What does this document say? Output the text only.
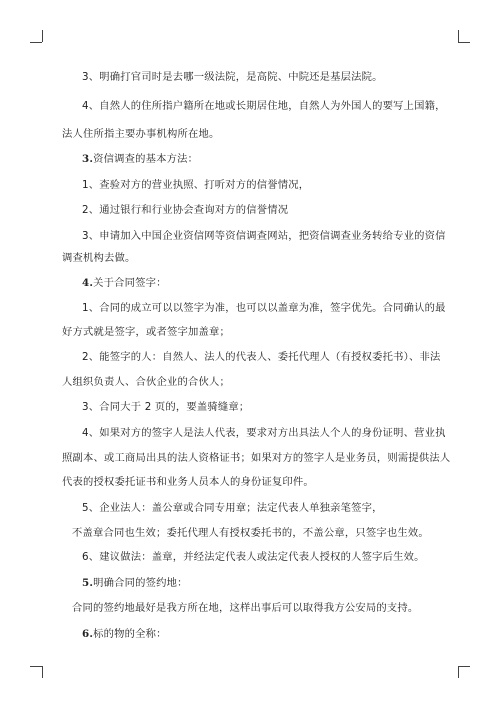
3、明确打官司时是去哪一级法院，是高院、中院还是基层法院。
4、自然人的住所指户籍所在地或长期居住地，自然人为外国人的要写上国籍，
法人住所指主要办事机构所在地。
3.资信调查的基本方法：
1、查验对方的营业执照、打听对方的信誉情况，
2、通过银行和行业协会查询对方的信誉情况
3、申请加入中国企业资信网等资信调查网站，把资信调查业务转给专业的资信
调查机构去做。
4.关于合同签字：
1、合同的成立可以以签字为准，也可以以盖章为准，签字优先。合同确认的最
好方式就是签字，或者签字加盖章；
2、能签字的人：自然人、法人的代表人、委托代理人（有授权委托书）、非法
人组织负责人、合伙企业的合伙人；
3、合同大于 2 页的，要盖骑缝章；
4、如果对方的签字人是法人代表，要求对方出具法人个人的身份证明、营业执
照副本、或工商局出具的法人资格证书；如果对方的签字人是业务员，则需提供法人
代表的授权委托证书和业务人员本人的身份证复印件。
5、企业法人：盖公章或合同专用章；法定代表人单独亲笔签字，
不盖章合同也生效；委托代理人有授权委托书的，不盖公章，只签字也生效。
6、建议做法：盖章，并经法定代表人或法定代表人授权的人签字后生效。
5.明确合同的签约地：
合同的签约地最好是我方所在地，这样出事后可以取得我方公安局的支持。
6.标的物的全称：
